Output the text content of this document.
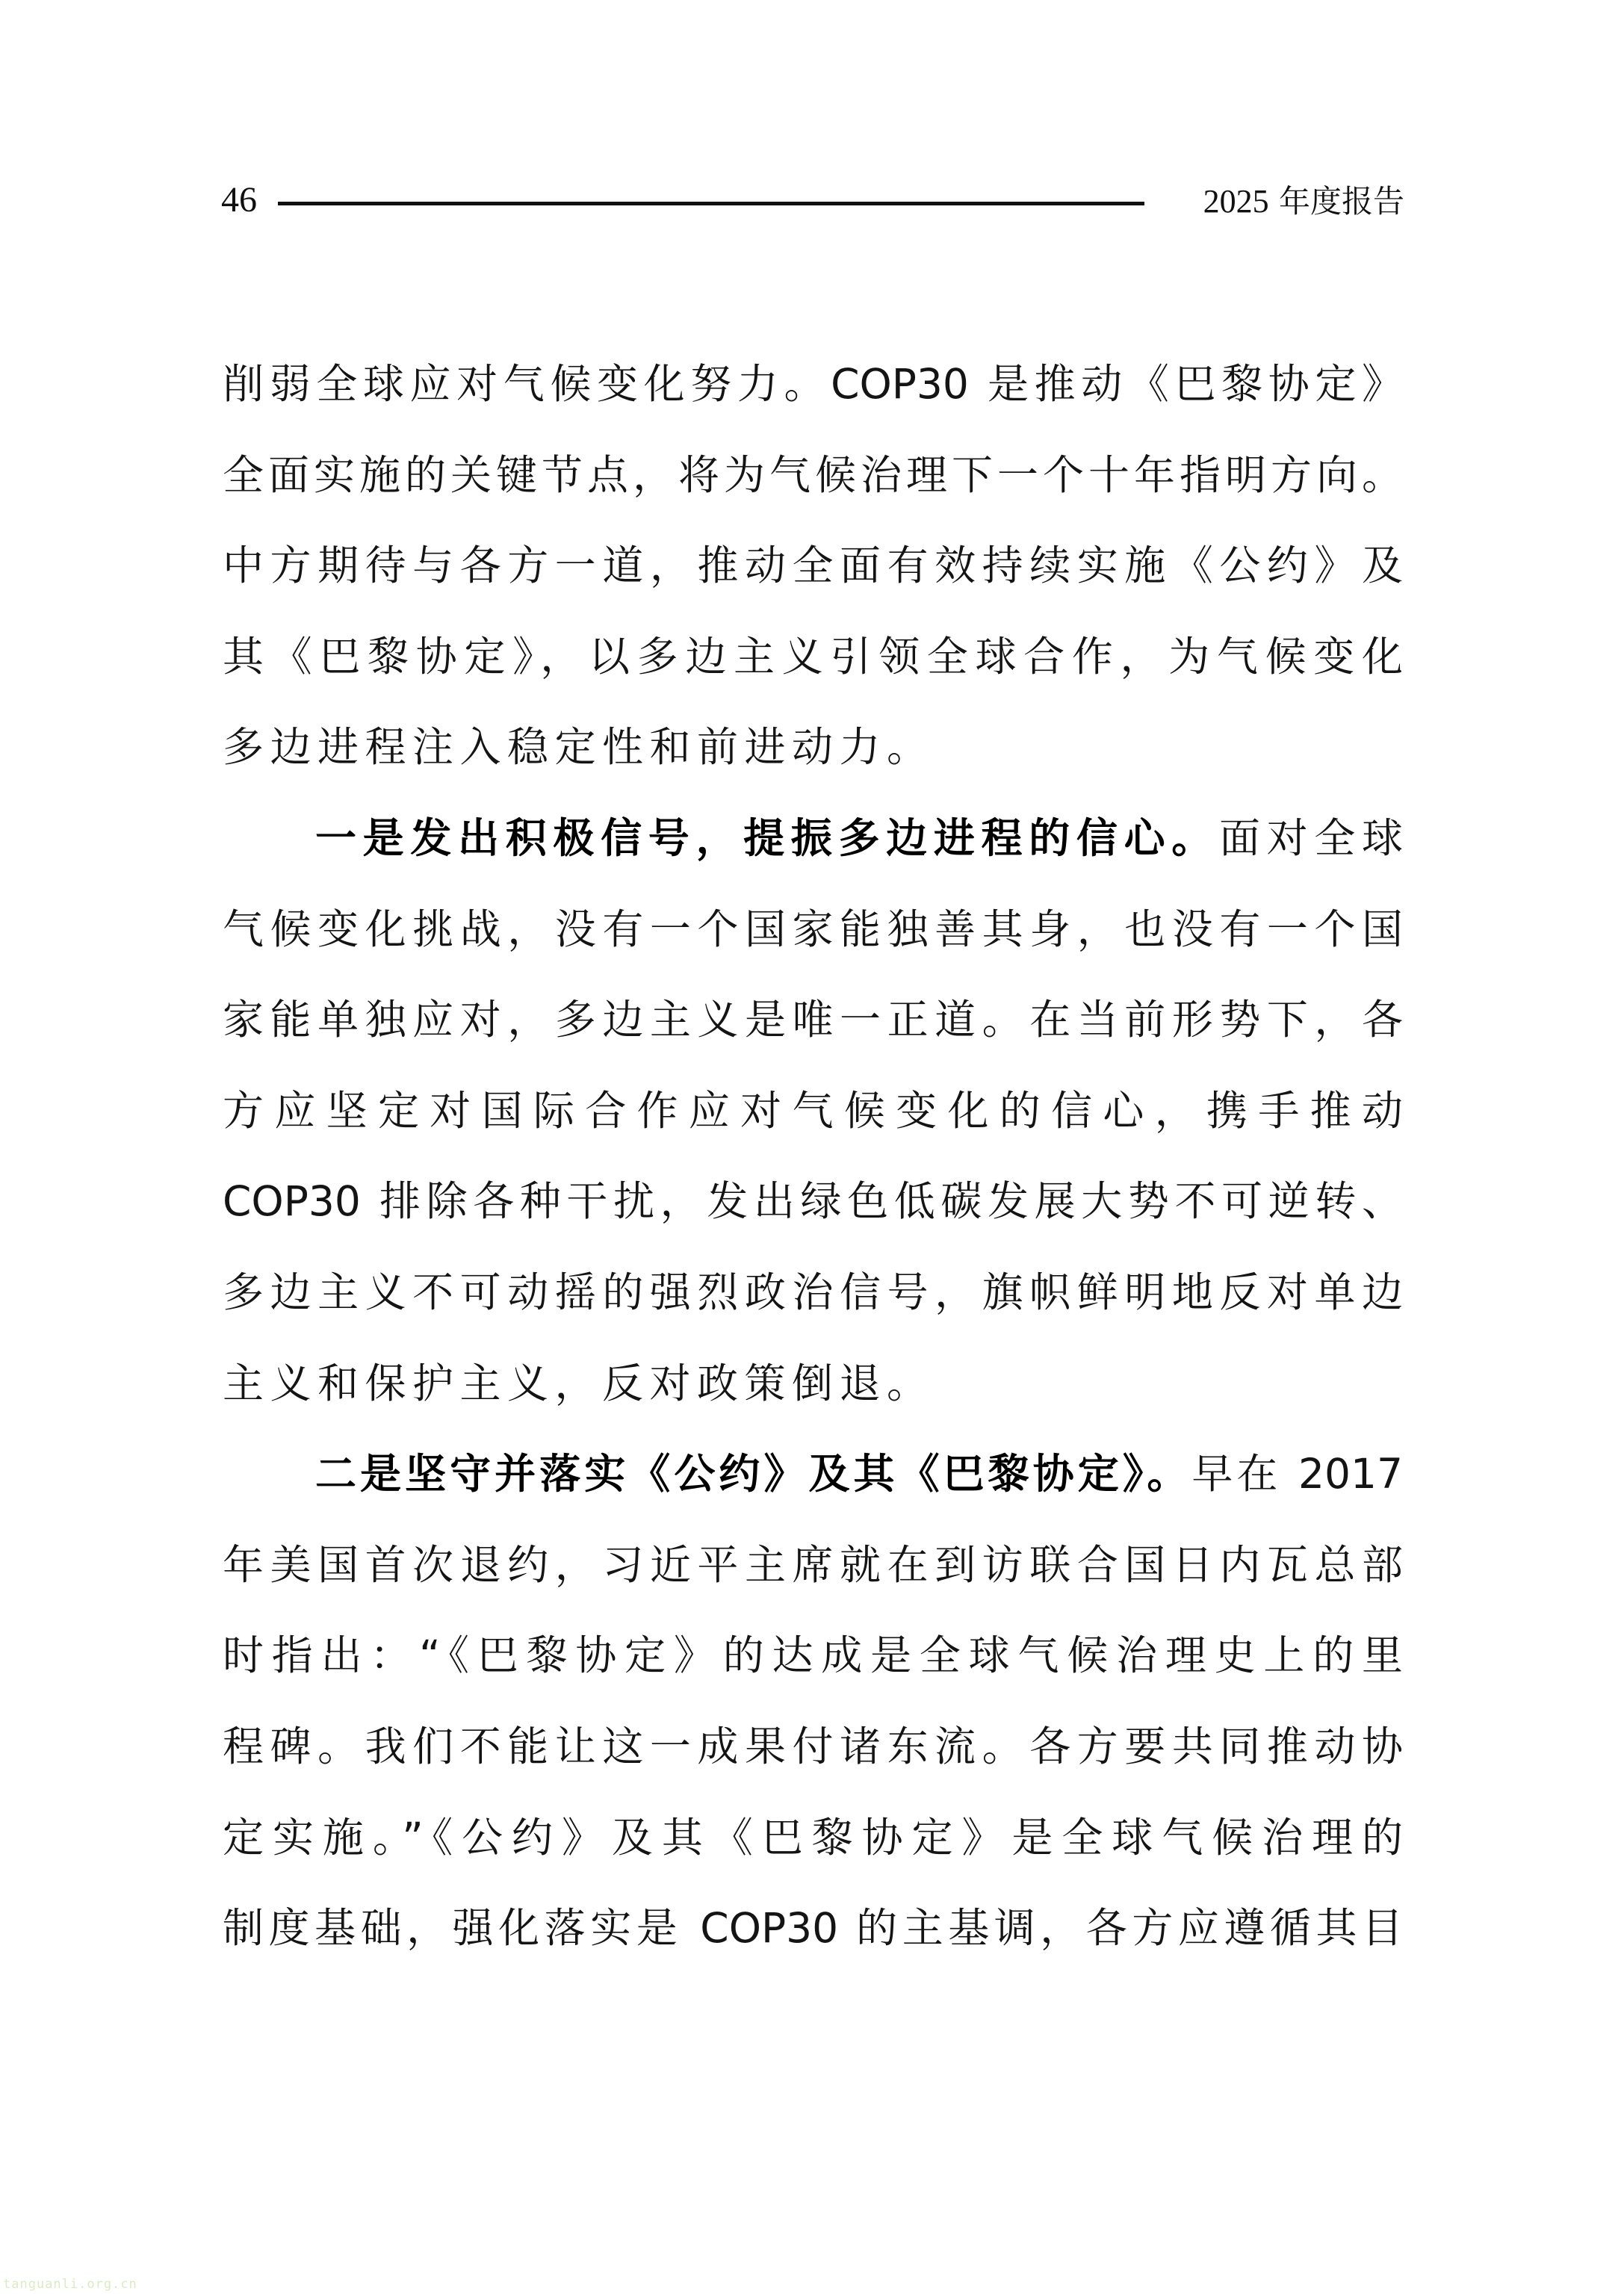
46	2025 年度报告
削弱全球应对气候变化努力。COP30 是推动《巴黎协定》
全面实施的关键节点，将为气候治理下一个十年指明方向。
中方期待与各方一道，推动全面有效持续实施《公约》及
其《巴黎协定》，以多边主义引领全球合作，为气候变化
多边进程注入稳定性和前进动力。
一是发出积极信号，提振多边进程的信心。面对全球
气候变化挑战，没有一个国家能独善其身，也没有一个国
家能单独应对，多边主义是唯一正道。在当前形势下，各
方应坚定对国际合作应对气候变化的信心，携手推动
COP30 排除各种干扰，发出绿色低碳发展大势不可逆转、
多边主义不可动摇的强烈政治信号，旗帜鲜明地反对单边
主义和保护主义，反对政策倒退。
二是坚守并落实《公约》及其《巴黎协定》。早在 2017
年美国首次退约，习近平主席就在到访联合国日内瓦总部
时指出：“《巴黎协定》的达成是全球气候治理史上的里
程碑。我们不能让这一成果付诸东流。各方要共同推动协
定实施。”《公约》及其《巴黎协定》是全球气候治理的
制度基础，强化落实是 COP30 的主基调，各方应遵循其目
tanguanli.org.cn
